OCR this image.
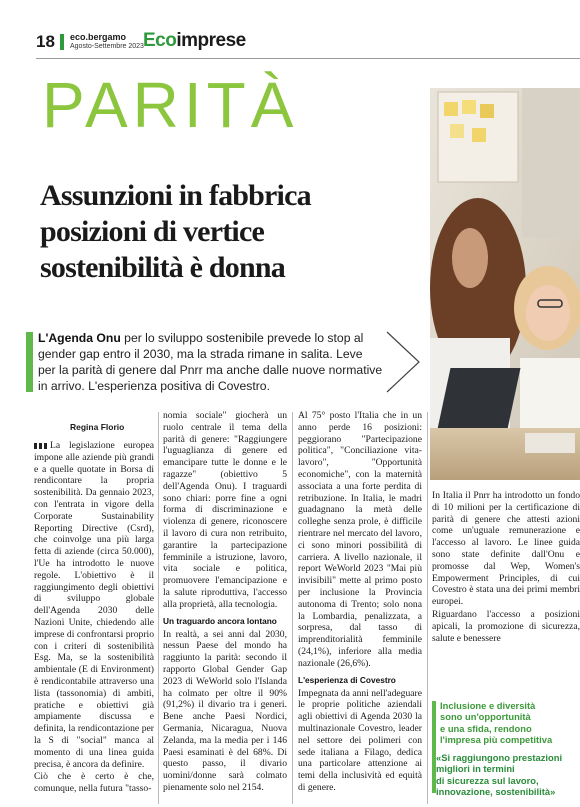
18 eco.bergamo
Agosto-Settembre 2023 Ecoimprese
PARITÀ
Assunzioni in fabbrica
posizioni di vertice
sostenibilità è donna
L'Agenda Onu per lo sviluppo sostenibile prevede lo stop al gender gap entro il 2030, ma la strada rimane in salita. Leve per la parità di genere dal Pnrr ma anche dalle nuove normative in arrivo. L'esperienza positiva di Covestro.
Regina Florio

La legislazione europea impone alle aziende più grandi e a quelle quotate in Borsa di rendicontare la propria sostenibilità. Da gennaio 2023, con l'entrata in vigore della Corporate Sustainability Reporting Directive (Csrd), che coinvolge una più larga fetta di aziende (circa 50.000), l'Ue ha introdotto le nuove regole. L'obiettivo è il raggiungimento degli obiettivi di sviluppo globale dell'Agenda 2030 delle Nazioni Unite, chiedendo alle imprese di confrontarsi proprio con i criteri di sostenibilità Esg. Ma, se la sostenibilità ambientale (E di Environment) è rendicontabile attraverso una lista (tassonomia) di ambiti, pratiche e obiettivi già ampiamente discussa e definita, la rendicontazione per la S di "social" manca al momento di una linea guida precisa, è ancora da definire.

Ciò che è certo è che, comunque, nella futura "tasso-

nomia sociale" giocherà un ruolo centrale il tema della parità di genere: "Raggiungere l'uguaglianza di genere ed emancipare tutte le donne e le ragazze" (obiettivo 5 dell'Agenda Onu). I traguardi sono chiari: porre fine a ogni forma di discriminazione e violenza di genere, riconoscere il lavoro di cura non retribuito, garantire la partecipazione femminile a istruzione, lavoro, vita sociale e politica, promuovere l'emancipazione e la salute riproduttiva, l'accesso alla proprietà, alla tecnologia.

Un traguardo ancora lontano

In realtà, a sei anni dal 2030, nessun Paese del mondo ha raggiunto la parità: secondo il rapporto Global Gender Gap 2023 di WeWorld solo l'Islanda ha colmato per oltre il 90% (91,2%) il divario tra i generi. Bene anche Paesi Nordici, Germania, Nicaragua, Nuova Zelanda, ma la media per i 146 Paesi esaminati è del 68%. Di questo passo, il divario uomini/donne sarà colmato pienamente solo nel 2154.

Al 75° posto l'Italia che in un anno perde 16 posizioni: peggiorano "Partecipazione politica", "Conciliazione vita-lavoro", "Opportunità economiche", con la maternità associata a una forte perdita di retribuzione. In Italia, le madri guadagnano la metà delle colleghe senza prole, è difficile rientrare nel mercato del lavoro, ci sono minori possibilità di carriera. A livello nazionale, il report WeWorld 2023 "Mai più invisibili" mette al primo posto per inclusione la Provincia autonoma di Trento; solo nona la Lombardia, penalizzata, a sorpresa, dal tasso di imprenditorialità femminile (24,1%), inferiore alla media nazionale (26,6%).

L'esperienza di Covestro

Impegnata da anni nell'adeguare le proprie politiche aziendali agli obiettivi di Agenda 2030 la multinazionale Covestro, leader nel settore dei polimeri con sede italiana a Filago, dedica una particolare attenzione ai temi della inclusività ed equità di genere.

In Italia il Pnrr ha introdotto un fondo di 10 milioni per la certificazione di parità di genere che attesti azioni come un'uguale remunerazione e l'accesso al lavoro. Le linee guida sono state definite dall'Onu e promosse dal Wep, Women's Empowerment Principles, di cui Covestro è stata una dei primi membri europei.

Riguardano l'accesso a posizioni apicali, la promozione di sicurezza, salute e benessere

Inclusione e diversità
sono un'opportunità
e una sfida, rendono
l'impresa più competitiva
«Si raggiungono prestazioni
migliori in termini
di sicurezza sul lavoro,
innovazione, sostenibilità»
